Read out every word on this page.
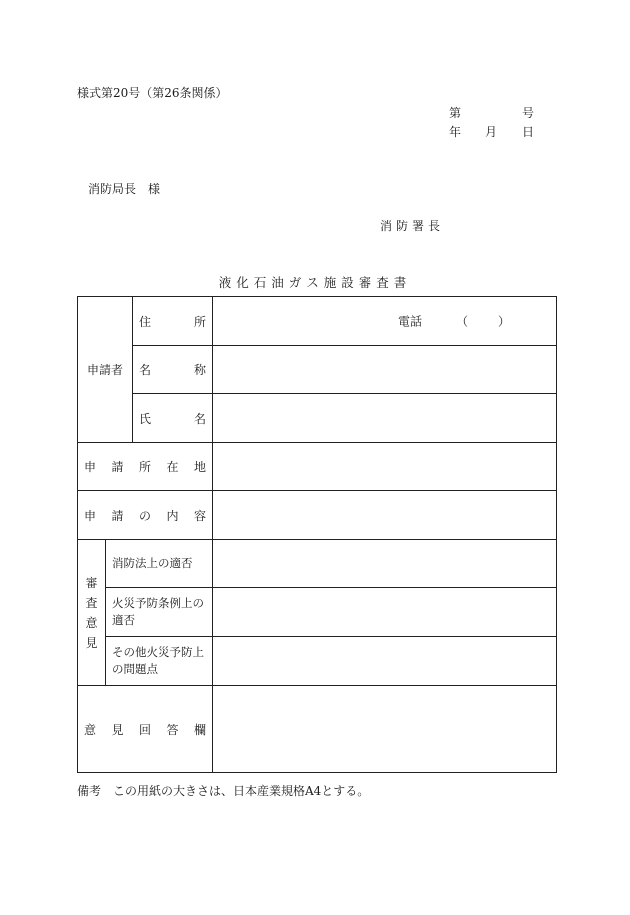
様式第20号（第26条関係）
第	号
年 月 日
消防局長　様
消防署長
液化石油ガス施設審査書
申請者		住 所	電話 （ ）

		名 称	

		氏 名	

申 請 所 在 地			

申 請 の 内 容			

審
査
意
見	消防法上の適否		

	火災予防条例上の
適否		

	その他火災予防上
の問題点		

意 見 回 答 欄			

備考　この用紙の大きさは、日本産業規格A4とする。
